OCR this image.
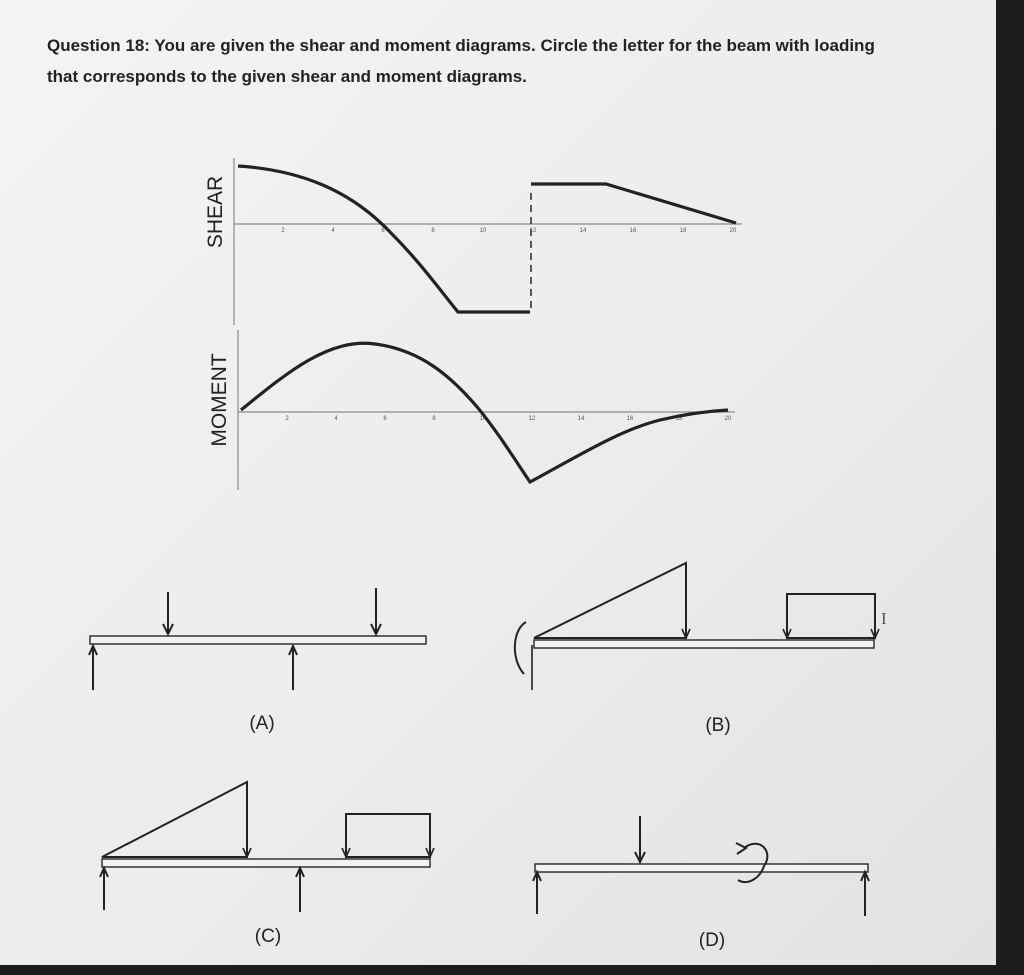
Question 18: You are given the shear and moment diagrams. Circle the letter for the beam with loading that corresponds to the given shear and moment diagrams.
SHEAR	2	4	6	8	10	12	14	16	18	20
MOMENT	2	4	6	8	10	12	14	16	18	20
(A)
I
(B)
(C)	(D)
